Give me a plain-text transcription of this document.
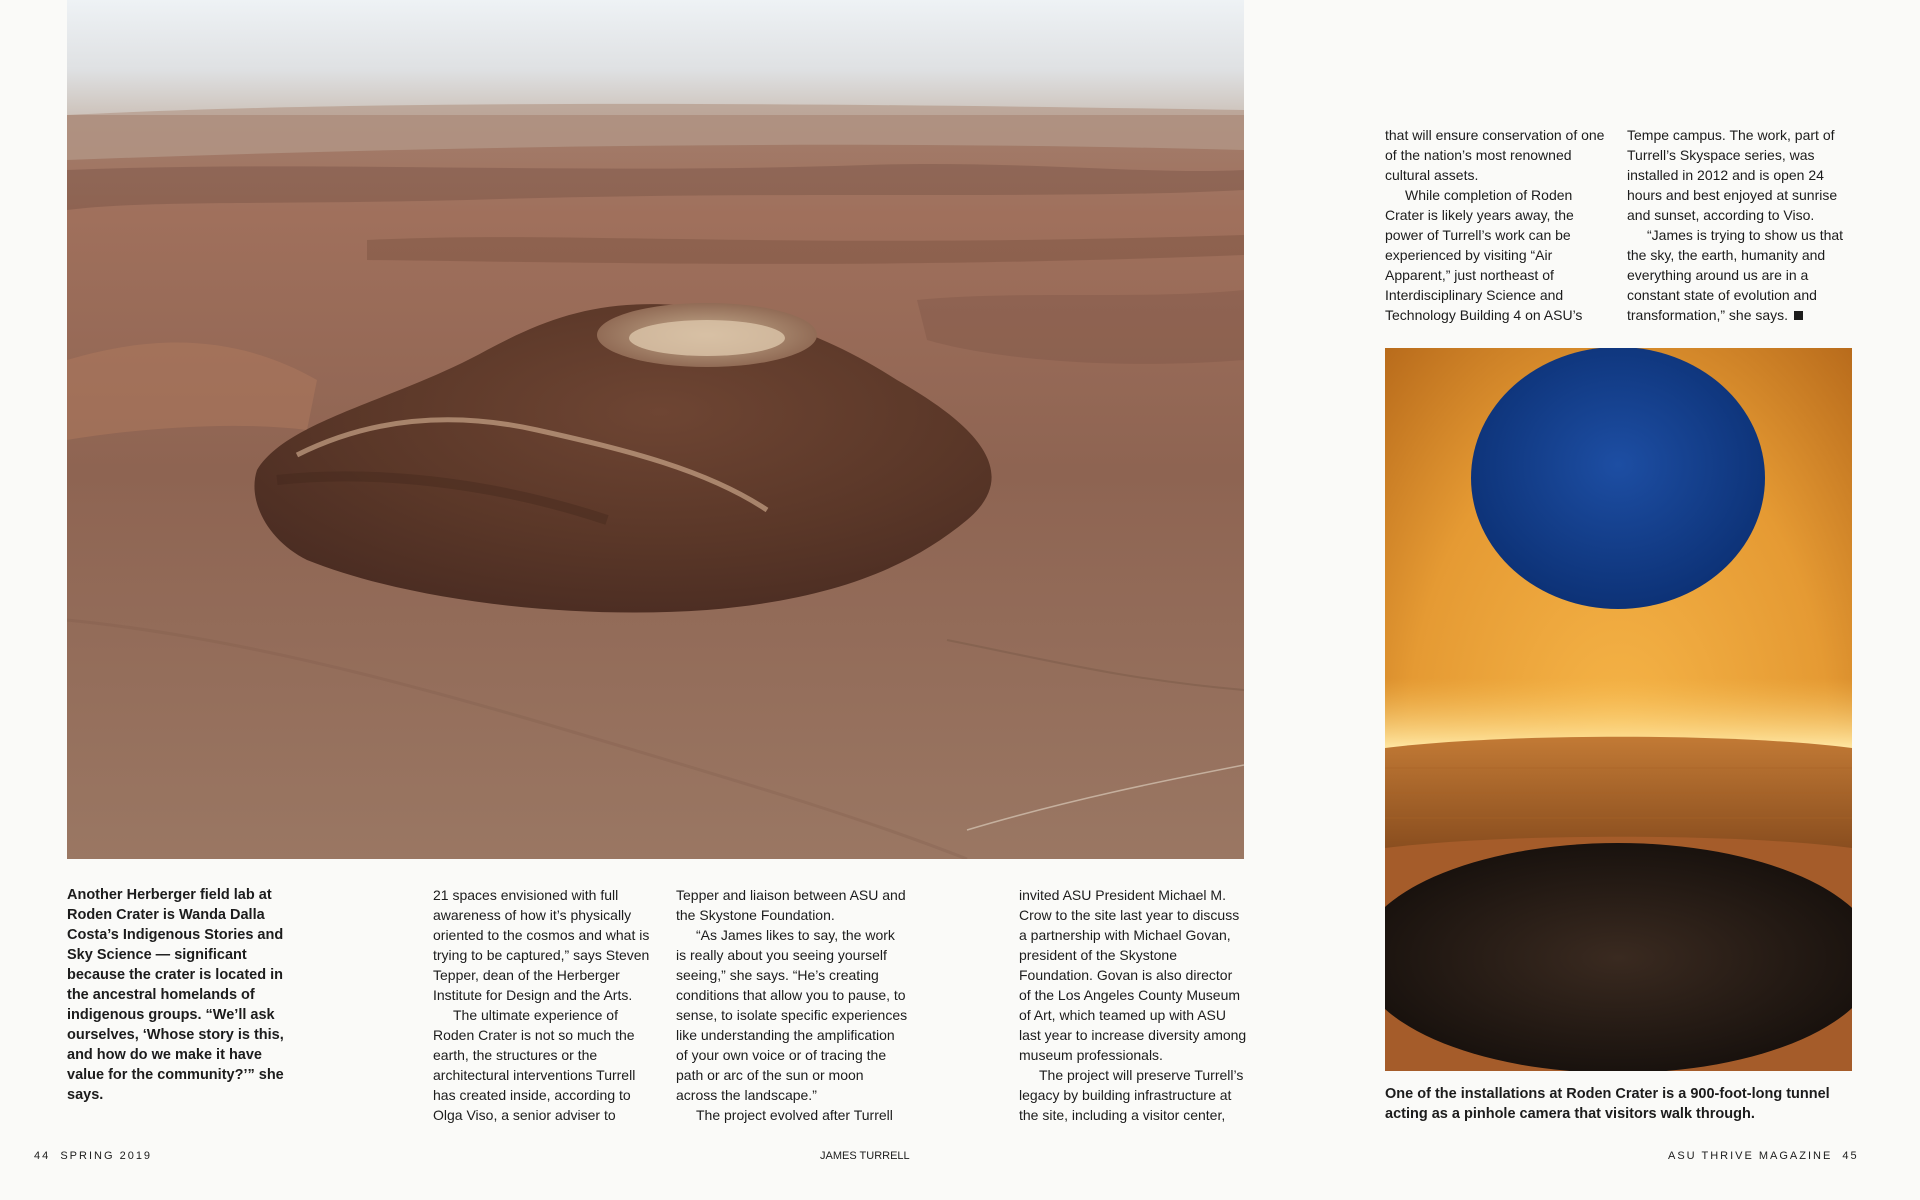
Another Herberger field lab at Roden Crater is Wanda Dalla Costa’s Indigenous Stories and Sky Science — significant because the crater is located in the ancestral homelands of indigenous groups. “We’ll ask ourselves, ‘Whose story is this, and how do we make it have value for the community?’” she says.

21 spaces envisioned with full awareness of how it’s physically oriented to the cosmos and what is trying to be captured,” says Steven Tepper, dean of the Herberger Institute for Design and the Arts.

The ultimate experience of Roden Crater is not so much the earth, the structures or the architectural interventions Turrell has created inside, according to Olga Viso, a senior adviser to

Tepper and liaison between ASU and the Skystone Foundation.

“As James likes to say, the work is really about you seeing yourself seeing,” she says. “He’s creating conditions that allow you to pause, to sense, to isolate specific experiences like understanding the amplification of your own voice or of tracing the path or arc of the sun or moon across the landscape.”

The project evolved after Turrell

invited ASU President Michael M. Crow to the site last year to discuss a partnership with Michael Govan, president of the Skystone Foundation. Govan is also director of the Los Angeles County Museum of Art, which teamed up with ASU last year to increase diversity among museum professionals.

The project will preserve Turrell’s legacy by building infrastructure at the site, including a visitor center,

that will ensure conservation of one of the nation’s most renowned cultural assets.

While completion of Roden Crater is likely years away, the power of Turrell’s work can be experienced by visiting “Air Apparent,” just northeast of Interdisciplinary Science and Technology Building 4 on ASU’s

Tempe campus. The work, part of Turrell’s Skyspace series, was installed in 2012 and is open 24 hours and best enjoyed at sunrise and sunset, according to Viso.

“James is trying to show us that the sky, the earth, humanity and everything around us are in a constant state of evolution and transformation,” she says.

One of the installations at Roden Crater is a 900-foot-long tunnel acting as a pinhole camera that visitors walk through.

44  SPRING 2019	JAMES TURRELL	ASU THRIVE MAGAZINE  45
